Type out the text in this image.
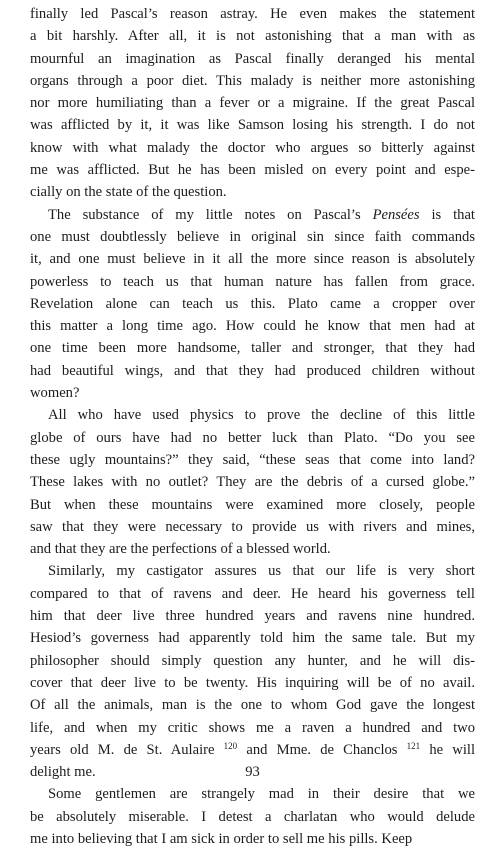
finally led Pascal’s reason astray. He even makes the statement
a bit harshly. After all, it is not astonishing that a man with as
mournful an imagination as Pascal finally deranged his mental
organs through a poor diet. This malady is neither more astonishing
nor more humiliating than a fever or a migraine. If the great Pascal
was afflicted by it, it was like Samson losing his strength. I do not
know with what malady the doctor who argues so bitterly against
me was afflicted. But he has been misled on every point and espe-
cially on the state of the question.

The substance of my little notes on Pascal’s Pensées is that
one must doubtlessly believe in original sin since faith commands
it, and one must believe in it all the more since reason is absolutely
powerless to teach us that human nature has fallen from grace.
Revelation alone can teach us this. Plato came a cropper over
this matter a long time ago. How could he know that men had at
one time been more handsome, taller and stronger, that they had
had beautiful wings, and that they had produced children without
women?

All who have used physics to prove the decline of this little
globe of ours have had no better luck than Plato. “Do you see
these ugly mountains?” they said, “these seas that come into land?
These lakes with no outlet? They are the debris of a cursed globe.”
But when these mountains were examined more closely, people
saw that they were necessary to provide us with rivers and mines,
and that they are the perfections of a blessed world.

Similarly, my castigator assures us that our life is very short
compared to that of ravens and deer. He heard his governess tell
him that deer live three hundred years and ravens nine hundred.
Hesiod’s governess had apparently told him the same tale. But my
philosopher should simply question any hunter, and he will dis-
cover that deer live to be twenty. His inquiring will be of no avail.
Of all the animals, man is the one to whom God gave the longest
life, and when my critic shows me a raven a hundred and two
years old M. de St. Aulaire $^{120}$ and Mme. de Chanclos $^{121}$ he will
delight me.

Some gentlemen are strangely mad in their desire that we
be absolutely miserable. I detest a charlatan who would delude
me into believing that I am sick in order to sell me his pills. Keep

93
